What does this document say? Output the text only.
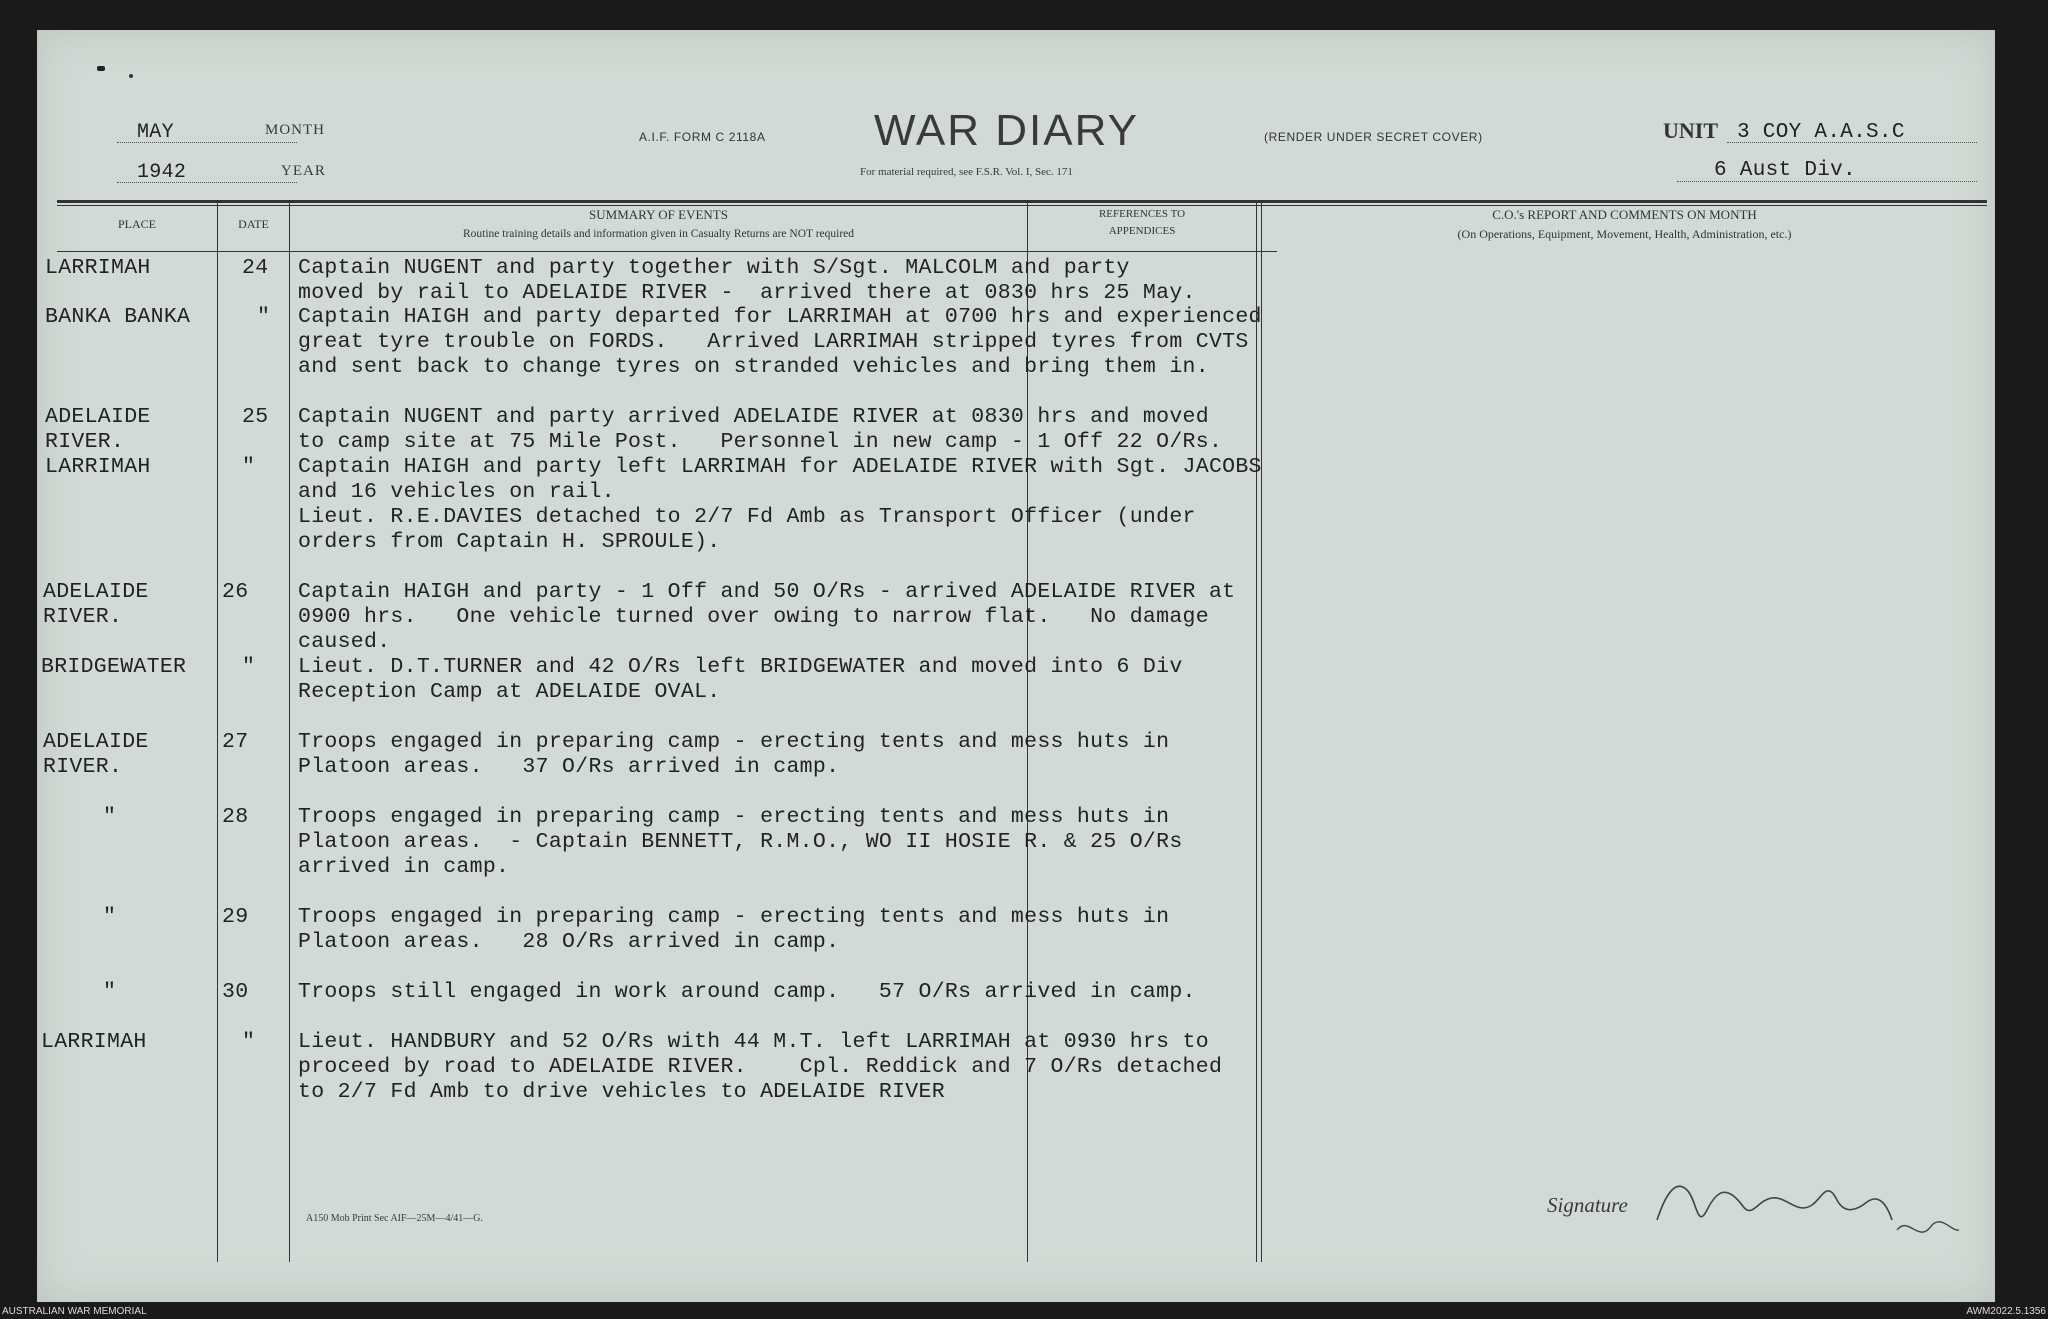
MAY	MONTH
1942	YEAR
A.I.F. FORM C 2118A WAR DIARY
For material required, see F.S.R. Vol. I, Sec. 171
(RENDER UNDER SECRET COVER)	UNIT 3 COY A.A.S.C
6 Aust Div.
PLACE	DATE
SUMMARY OF EVENTS
Routine training details and information given in Casualty Returns are NOT required
REFERENCES TO APPENDICES
C.O.'s REPORT AND COMMENTS ON MONTH
(On Operations, Equipment, Movement, Health, Administration, etc.)
LARRIMAH	24 Captain NUGENT and party together with S/Sgt. MALCOLM and party
moved by rail to ADELAIDE RIVER -  arrived there at 0830 hrs 25 May.
BANKA BANKA	" Captain HAIGH and party departed for LARRIMAH at 0700 hrs and experienced
great tyre trouble on FORDS.   Arrived LARRIMAH stripped tyres from CVTS
and sent back to change tyres on stranded vehicles and bring them in.
ADELAIDE
RIVER.
25 Captain NUGENT and party arrived ADELAIDE RIVER at 0830 hrs and moved
to camp site at 75 Mile Post.   Personnel in new camp - 1 Off 22 O/Rs.
LARRIMAH	" Captain HAIGH and party left LARRIMAH for ADELAIDE RIVER with Sgt. JACOBS
and 16 vehicles on rail.
Lieut. R.E.DAVIES detached to 2/7 Fd Amb as Transport Officer (under
orders from Captain H. SPROULE).
ADELAIDE
RIVER.
26 Captain HAIGH and party - 1 Off and 50 O/Rs - arrived ADELAIDE RIVER at
0900 hrs.   One vehicle turned over owing to narrow flat.   No damage
caused.
BRIDGEWATER	" Lieut. D.T.TURNER and 42 O/Rs left BRIDGEWATER and moved into 6 Div
Reception Camp at ADELAIDE OVAL.
ADELAIDE
RIVER.
27 Troops engaged in preparing camp - erecting tents and mess huts in
Platoon areas.   37 O/Rs arrived in camp.
"	28 Troops engaged in preparing camp - erecting tents and mess huts in
Platoon areas.  - Captain BENNETT, R.M.O., WO II HOSIE R. & 25 O/Rs
arrived in camp.
"	29 Troops engaged in preparing camp - erecting tents and mess huts in
Platoon areas.   28 O/Rs arrived in camp.
"	30 Troops still engaged in work around camp.   57 O/Rs arrived in camp.
LARRIMAH	" Lieut. HANDBURY and 52 O/Rs with 44 M.T. left LARRIMAH at 0930 hrs to
proceed by road to ADELAIDE RIVER.    Cpl. Reddick and 7 O/Rs detached
to 2/7 Fd Amb to drive vehicles to ADELAIDE RIVER
A150 Mob Print Sec AIF—25M—4/41—G.
Signature
AUSTRALIAN WAR MEMORIAL	AWM2022.5.1356
